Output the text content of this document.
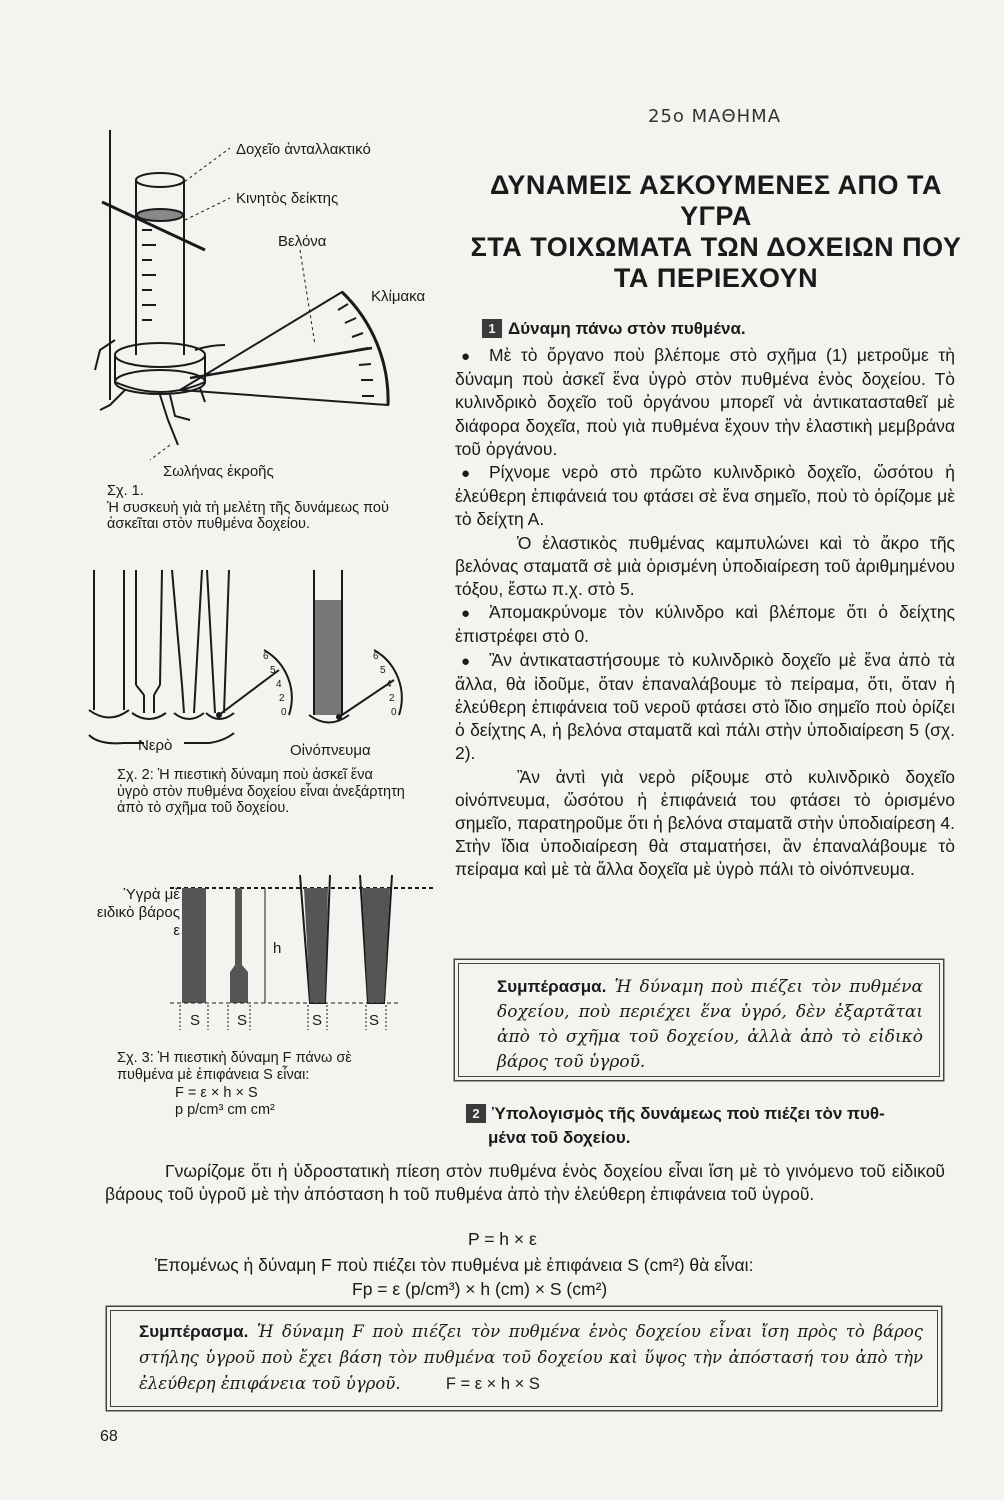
25ο ΜΑΘΗΜΑ
ΔΥΝΑΜΕΙΣ ΑΣΚΟΥΜΕΝΕΣ ΑΠΟ ΤΑ
ΥΓΡΑ
ΣΤΑ ΤΟΙΧΩΜΑΤΑ ΤΩΝ ΔΟΧΕΙΩΝ ΠΟΥ
ΤΑ ΠΕΡΙΕΧΟΥΝ
Δοχεῖο ἀνταλλακτικό
Κινητὸς δείκτης
Βελόνα
Κλίμακα
Σωλήνας ἐκροῆς
Σχ. 1.
Ἡ συσκευὴ γιὰ τὴ μελέτη τῆς δυνάμεως ποὺ ἀσκεῖται στὸν πυθμένα δοχείου.
6
5
4
2
0
6
5
4
2
0
Νερὸ	Οἰνόπνευμα
Σχ. 2: Ἡ πιεστικὴ δύναμη ποὺ ἀσκεῖ ἕνα ὑγρὸ στὸν πυθμένα δοχείου εἶναι ἀνεξάρτητη ἀπὸ τὸ σχῆμα τοῦ δοχείου.
Ὑγρὰ μὲ ειδικὸ βάρος ε
h
S S	S	S
Σχ. 3: Ἡ πιεστικὴ δύναμη F πάνω σὲ πυθμένα μὲ ἐπιφάνεια S εἶναι:
F = ε × h × S
p p/cm³ cm cm²
1 Δύναμη πάνω στὸν πυθμένα.

● Μὲ τὸ ὄργανο ποὺ βλέπομε στὸ σχῆμα (1) μετροῦμε τὴ δύναμη ποὺ ἀσκεῖ ἕνα ὑγρὸ στὸν πυθμένα ἑνὸς δοχείου. Τὸ κυλινδρικὸ δοχεῖο τοῦ ὀργάνου μπορεῖ νὰ ἀντικατασταθεῖ μὲ διάφορα δοχεῖα, ποὺ γιὰ πυθμένα ἔχουν τὴν ἐλαστικὴ μεμβράνα τοῦ ὀργάνου.

● Ρίχνομε νερὸ στὸ πρῶτο κυλινδρικὸ δοχεῖο, ὥσότου ἡ ἐλεύθερη ἐπιφάνειά του φτάσει σὲ ἕνα σημεῖο, ποὺ τὸ ὁρίζομε μὲ τὸ δείχτη Α.

Ὁ ἐλαστικὸς πυθμένας καμπυλώνει καὶ τὸ ἄκρο τῆς βελόνας σταματᾶ σὲ μιὰ ὁρισμένη ὑποδιαίρεση τοῦ ἀριθμημένου τόξου, ἔστω π.χ. στὸ 5.

● Ἀπομακρύνομε τὸν κύλινδρο καὶ βλέπομε ὅτι ὁ δείχτης ἐπιστρέφει στὸ 0.

● Ἂν ἀντικαταστήσουμε τὸ κυλινδρικὸ δοχεῖο μὲ ἕνα ἀπὸ τὰ ἄλλα, θὰ ἰδοῦμε, ὅταν ἐπαναλάβουμε τὸ πείραμα, ὅτι, ὅταν ἡ ἐλεύθερη ἐπιφάνεια τοῦ νεροῦ φτάσει στὸ ἴδιο σημεῖο ποὺ ὁρίζει ὁ δείχτης Α, ἡ βελόνα σταματᾶ καὶ πάλι στὴν ὑποδιαίρεση 5 (σχ. 2).

Ἂν ἀντὶ γιὰ νερὸ ρίξουμε στὸ κυλινδρικὸ δοχεῖο οἰνόπνευμα, ὥσότου ἡ ἐπιφάνειά του φτάσει τὸ ὁρισμένο σημεῖο, παρατηροῦμε ὅτι ἡ βελόνα σταματᾶ στὴν ὑποδιαίρεση 4. Στὴν ἴδια ὑποδιαίρεση θὰ σταματήσει, ἂν ἐπαναλάβουμε τὸ πείραμα καὶ μὲ τὰ ἄλλα δοχεῖα μὲ ὑγρὸ πάλι τὸ οἰνόπνευμα.

Συμπέρασμα. Ἡ δύναμη ποὺ πιέζει τὸν πυθμένα δοχείου, ποὺ περιέχει ἕνα ὑγρό, δὲν ἐξαρτᾶται ἀπὸ τὸ σχῆμα τοῦ δοχείου, ἀλλὰ ἀπὸ τὸ εἰδικὸ βάρος τοῦ ὑγροῦ.
2 Ὑπολογισμὸς τῆς δυνάμεως ποὺ πιέζει τὸν πυθ-
μένα τοῦ δοχείου.
Γνωρίζομε ὅτι ἡ ὑδροστατικὴ πίεση στὸν πυθμένα ἑνὸς δοχείου εἶναι ἴση μὲ τὸ γινόμενο τοῦ εἰδικοῦ βάρους τοῦ ὑγροῦ μὲ τὴν ἀπόσταση h τοῦ πυθμένα ἀπὸ τὴν ἐλεύθερη ἐπιφάνεια τοῦ ὑγροῦ.
P = h × ε
Ἑπομένως ἡ δύναμη F ποὺ πιέζει τὸν πυθμένα μὲ ἐπιφάνεια S (cm²) θὰ εἶναι:
Fp = ε (p/cm³) × h (cm) × S (cm²)
Συμπέρασμα. Ἡ δύναμη F ποὺ πιέζει τὸν πυθμένα ἑνὸς δοχείου εἶναι ἴση πρὸς τὸ βάρος στήλης ὑγροῦ ποὺ ἔχει βάση τὸν πυθμένα τοῦ δοχείου καὶ ὕψος τὴν ἀπόστασή του ἀπὸ τὴν ἐλεύθερη ἐπιφάνεια τοῦ ὑγροῦ.	F = ε × h × S
68
